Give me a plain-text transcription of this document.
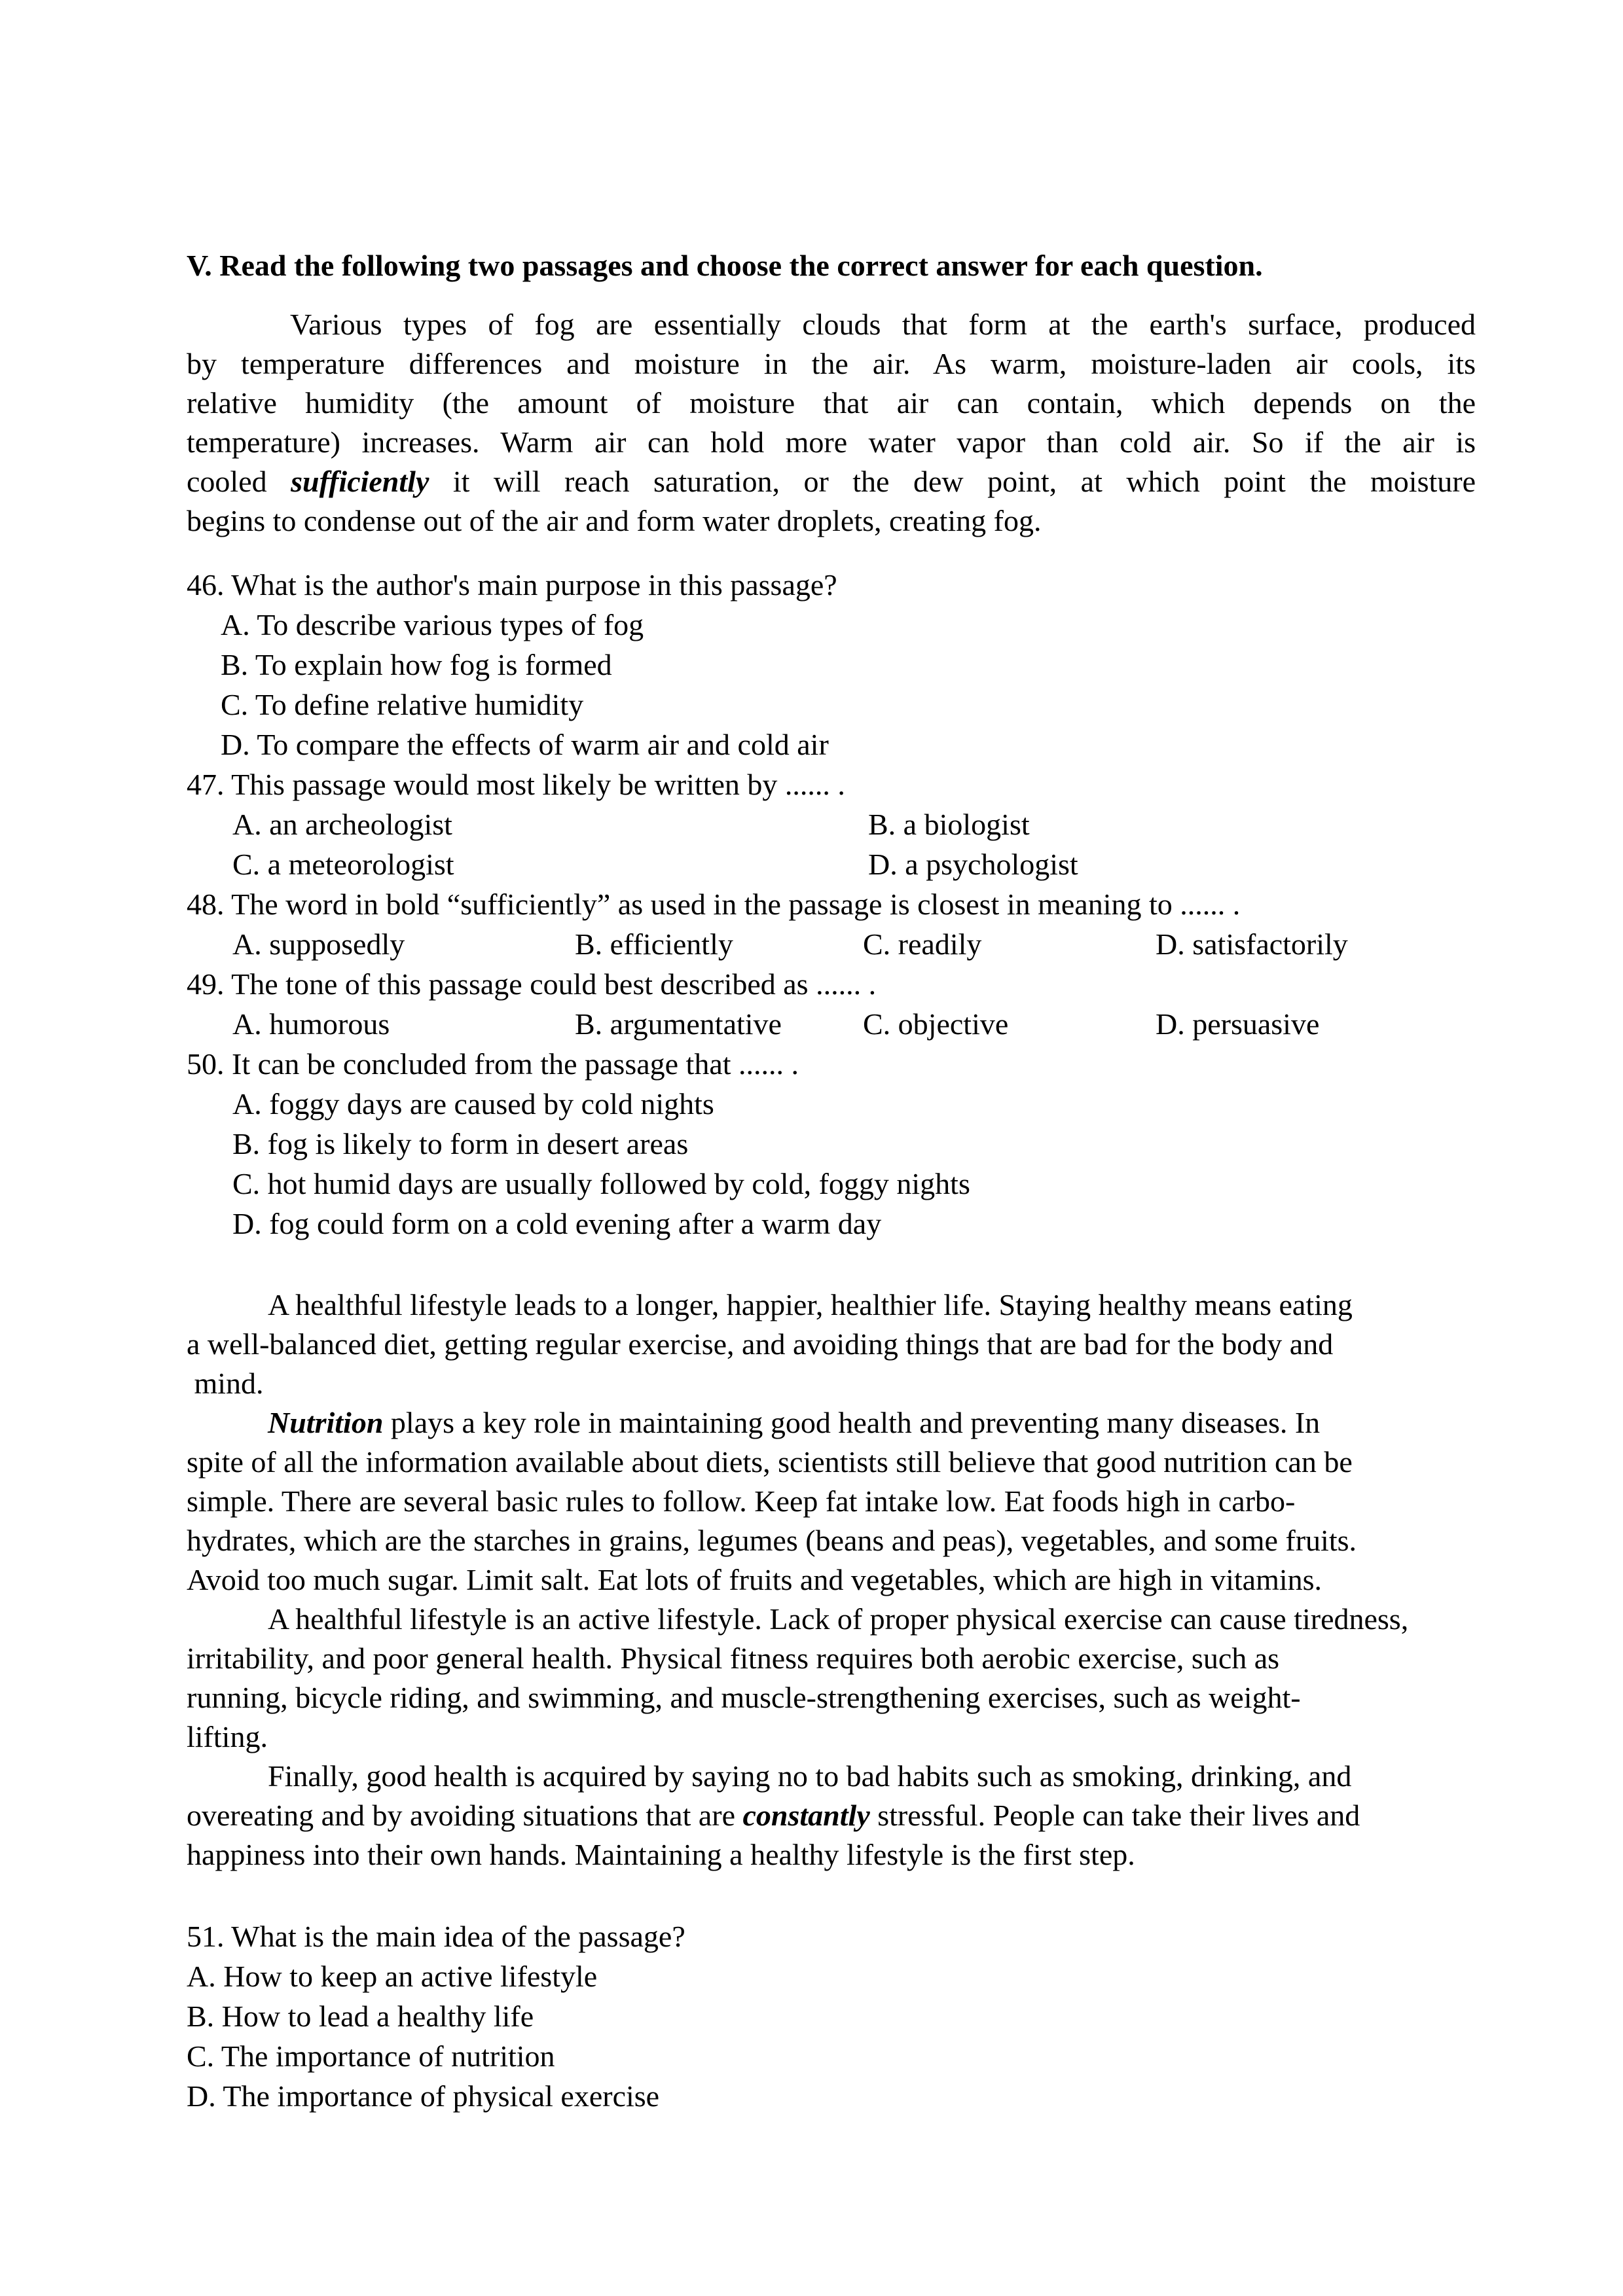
V. Read the following two passages and choose the correct answer for each question.
Various types of fog are essentially clouds that form at the earth's surface, produced
by temperature differences and moisture in the air. As warm, moisture-laden air cools, its
relative humidity (the amount of moisture that air can contain, which depends on the
temperature) increases. Warm air can hold more water vapor than cold air. So if the air is
cooled sufficiently it will reach saturation, or the dew point, at which point the moisture
begins to condense out of the air and form water droplets, creating fog.
46. What is the author's main purpose in this passage?
A. To describe various types of fog
B. To explain how fog is formed
C. To define relative humidity
D. To compare the effects of warm air and cold air
47. This passage would most likely be written by ...... .
A. an archeologist	B. a biologist
C. a meteorologist	D. a psychologist
48. The word in bold “sufficiently” as used in the passage is closest in meaning to ...... .
A. supposedly	B. efficiently	C. readily	D. satisfactorily
49. The tone of this passage could best described as ...... .
A. humorous	B. argumentative	C. objective	D. persuasive
50. It can be concluded from the passage that ...... .
A. foggy days are caused by cold nights
B. fog is likely to form in desert areas
C. hot humid days are usually followed by cold, foggy nights
D. fog could form on a cold evening after a warm day
A healthful lifestyle leads to a longer, happier, healthier life. Staying healthy means eating
a well-balanced diet, getting regular exercise, and avoiding things that are bad for the body and
mind.
Nutrition plays a key role in maintaining good health and preventing many diseases. In
spite of all the information available about diets, scientists still believe that good nutrition can be
simple. There are several basic rules to follow. Keep fat intake low. Eat foods high in carbo-
hydrates, which are the starches in grains, legumes (beans and peas), vegetables, and some fruits.
Avoid too much sugar. Limit salt. Eat lots of fruits and vegetables, which are high in vitamins.
A healthful lifestyle is an active lifestyle. Lack of proper physical exercise can cause tiredness,
irritability, and poor general health. Physical fitness requires both aerobic exercise, such as
running, bicycle riding, and swimming, and muscle-strengthening exercises, such as weight-
lifting.
Finally, good health is acquired by saying no to bad habits such as smoking, drinking, and
overeating and by avoiding situations that are constantly stressful. People can take their lives and
happiness into their own hands. Maintaining a healthy lifestyle is the first step.
51. What is the main idea of the passage?
A. How to keep an active lifestyle
B. How to lead a healthy life
C. The importance of nutrition
D. The importance of physical exercise
